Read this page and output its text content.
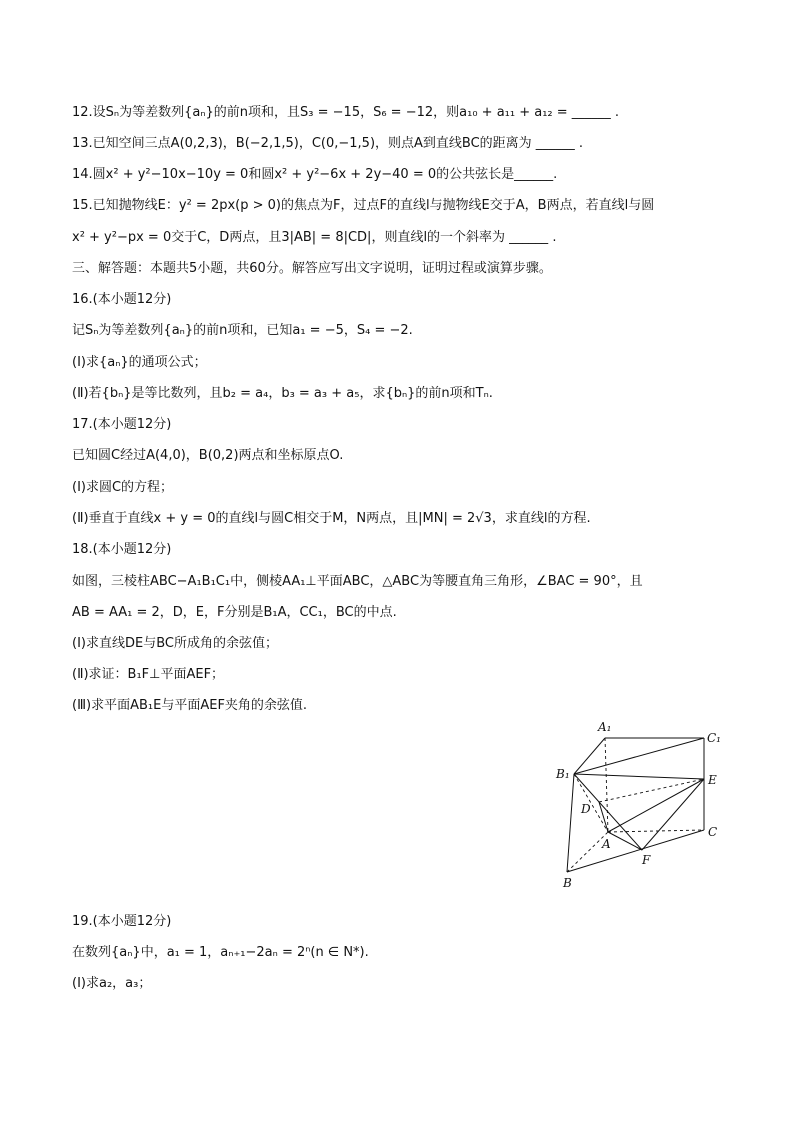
12.设Sₙ为等差数列{aₙ}的前n项和，且S₃ = −15，S₆ = −12，则a₁₀ + a₁₁ + a₁₂ = ______ .
13.已知空间三点A(0,2,3)，B(−2,1,5)，C(0,−1,5)，则点A到直线BC的距离为 ______ .
14.圆x² + y²−10x−10y = 0和圆x² + y²−6x + 2y−40 = 0的公共弦长是______.
15.已知抛物线E：y² = 2px(p > 0)的焦点为F，过点F的直线l与抛物线E交于A，B两点，若直线l与圆
x² + y²−px = 0交于C，D两点，且3|AB| = 8|CD|，则直线l的一个斜率为 ______ .
三、解答题：本题共5小题，共60分。解答应写出文字说明，证明过程或演算步骤。
16.(本小题12分)
记Sₙ为等差数列{aₙ}的前n项和，已知a₁ = −5，S₄ = −2.
(Ⅰ)求{aₙ}的通项公式；
(Ⅱ)若{bₙ}是等比数列，且b₂ = a₄，b₃ = a₃ + a₅，求{bₙ}的前n项和Tₙ.
17.(本小题12分)
已知圆C经过A(4,0)，B(0,2)两点和坐标原点O.
(Ⅰ)求圆C的方程；
(Ⅱ)垂直于直线x + y = 0的直线l与圆C相交于M，N两点，且|MN| = 2√3，求直线l的方程.
18.(本小题12分)
如图，三棱柱ABC−A₁B₁C₁中，侧棱AA₁⊥平面ABC，△ABC为等腰直角三角形，∠BAC = 90°，且
AB = AA₁ = 2，D，E，F分别是B₁A，CC₁，BC的中点.
(Ⅰ)求直线DE与BC所成角的余弦值；
(Ⅱ)求证：B₁F⊥平面AEF；
(Ⅲ)求平面AB₁E与平面AEF夹角的余弦值.
A₁
C₁
B₁	E
D
C
A
F
B
19.(本小题12分)
在数列{aₙ}中，a₁ = 1，aₙ₊₁−2aₙ = 2ⁿ(n ∈ N*).
(Ⅰ)求a₂，a₃；
